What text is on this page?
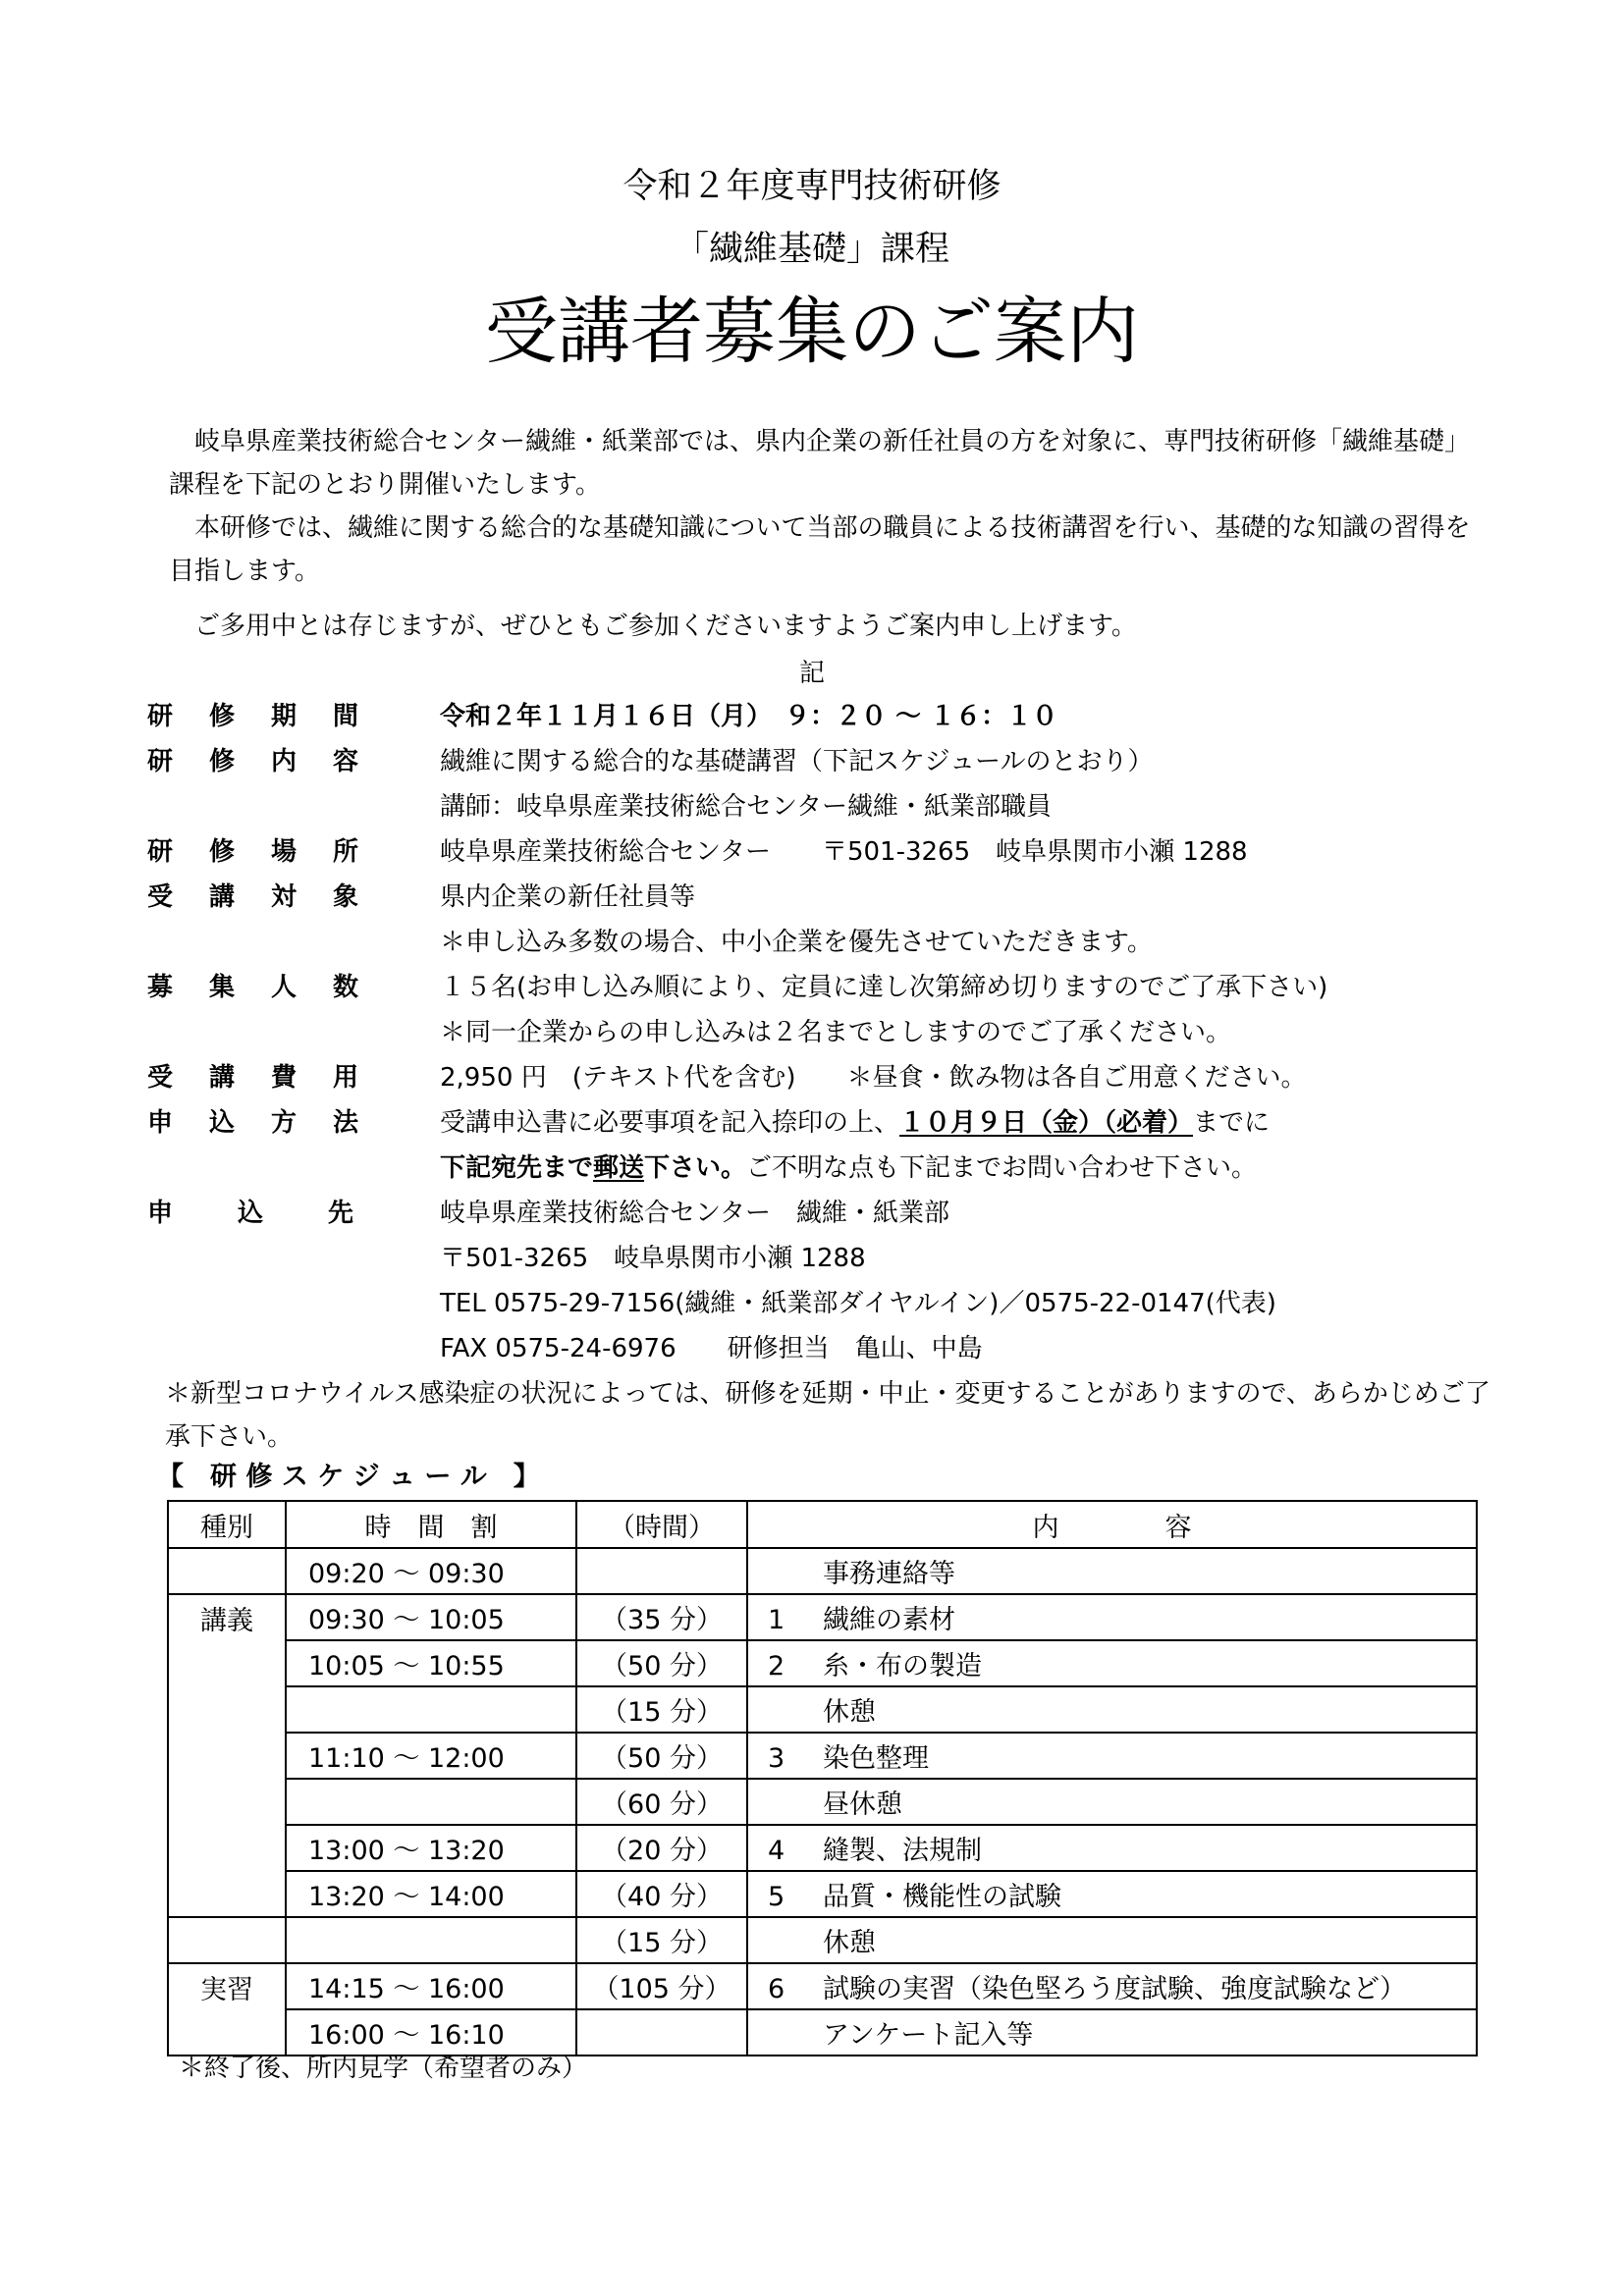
令和２年度専門技術研修
「繊維基礎」課程
受講者募集のご案内
　岐阜県産業技術総合センター繊維・紙業部では、県内企業の新任社員の方を対象に、専門技術研修「繊維基礎」課程を下記のとおり開催いたします。
　本研修では、繊維に関する総合的な基礎知識について当部の職員による技術講習を行い、基礎的な知識の習得を目指します。
　ご多用中とは存じますが、ぜひともご参加くださいますようご案内申し上げます。
記
研 修 期 間	令和２年１１月１６日（月）　９：２０ ～ １６：１０
研 修 内 容	繊維に関する総合的な基礎講習（下記スケジュールのとおり）
講師：岐阜県産業技術総合センター繊維・紙業部職員
研 修 場 所	岐阜県産業技術総合センター　　〒501-3265　岐阜県関市小瀬 1288
受 講 対 象	県内企業の新任社員等
＊申し込み多数の場合、中小企業を優先させていただきます。
募 集 人 数	１５名(お申し込み順により、定員に達し次第締め切りますのでご了承下さい)
＊同一企業からの申し込みは２名までとしますのでご了承ください。
受 講 費 用	2,950 円　(テキスト代を含む)　　＊昼食・飲み物は各自ご用意ください。
申 込 方 法	受講申込書に必要事項を記入捺印の上、１０月９日（金）（必着）までに
下記宛先まで郵送下さい。ご不明な点も下記までお問い合わせ下さい。
申	込	先	岐阜県産業技術総合センター　繊維・紙業部
〒501-3265　岐阜県関市小瀬 1288
TEL 0575-29-7156(繊維・紙業部ダイヤルイン)／0575-22-0147(代表)
FAX 0575-24-6976　　研修担当　亀山、中島
＊新型コロナウイルス感染症の状況によっては、研修を延期・中止・変更することがありますので、あらかじめご了承下さい。
【　研 修 ス ケ ジ ュ ー ル　】
種別	時　間　割	（時間）	内　　　　容
	09:20 ～ 09:30		事務連絡等
講義	09:30 ～ 10:05	（35 分）	1 繊維の素材
	10:05 ～ 10:55	（50 分）	2 糸・布の製造
		（15 分）	休憩
	11:10 ～ 12:00	（50 分）	3 染色整理
		（60 分）	昼休憩
	13:00 ～ 13:20	（20 分）	4 縫製、法規制
	13:20 ～ 14:00	（40 分）	5 品質・機能性の試験
		（15 分）	休憩
実習	14:15 ～ 16:00	（105 分）	6 試験の実習（染色堅ろう度試験、強度試験など）
	16:00 ～ 16:10		アンケート記入等
＊終了後、所内見学（希望者のみ）
